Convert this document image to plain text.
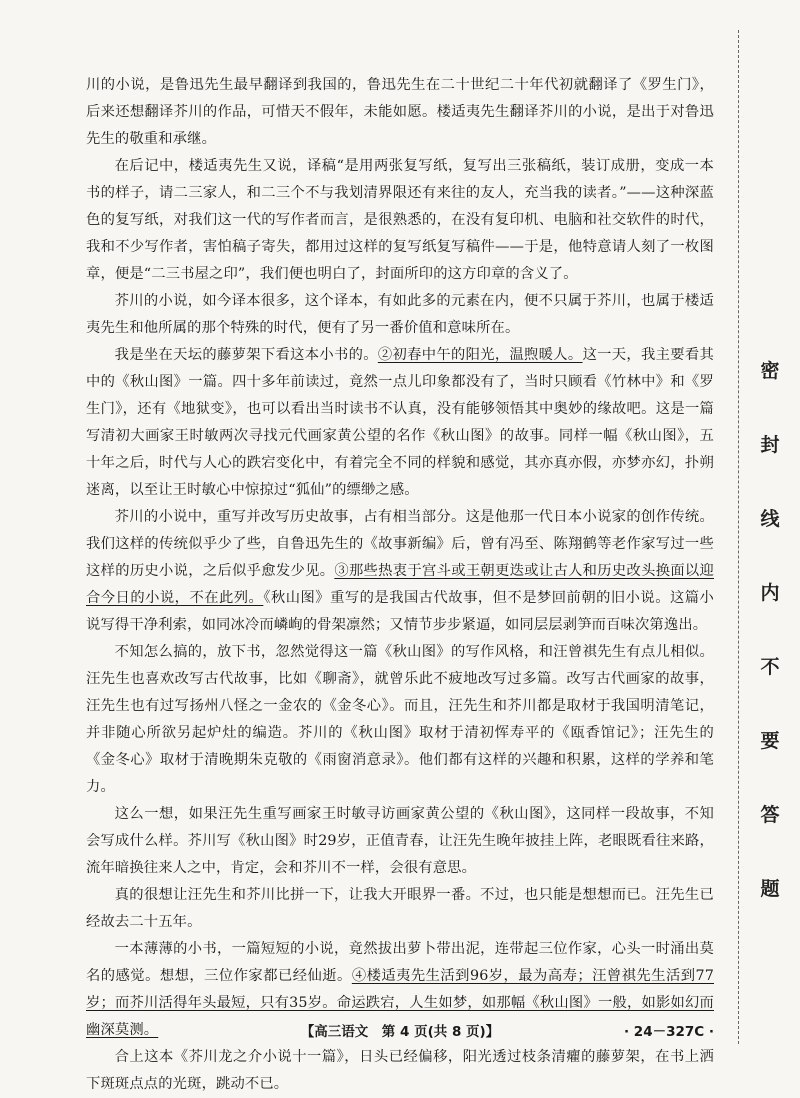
密
封
线
内
不
要
答
题

川的小说，是鲁迅先生最早翻译到我国的，鲁迅先生在二十世纪二十年代初就翻译了《罗生门》，后来还想翻译芥川的作品，可惜天不假年，未能如愿。楼适夷先生翻译芥川的小说，是出于对鲁迅先生的敬重和承继。

在后记中，楼适夷先生又说，译稿“是用两张复写纸，复写出三张稿纸，装订成册，变成一本书的样子，请二三家人，和二三个不与我划清界限还有来往的友人，充当我的读者。”——这种深蓝色的复写纸，对我们这一代的写作者而言，是很熟悉的，在没有复印机、电脑和社交软件的时代，我和不少写作者，害怕稿子寄失，都用过这样的复写纸复写稿件——于是，他特意请人刻了一枚图章，便是“二三书屋之印”，我们便也明白了，封面所印的这方印章的含义了。

芥川的小说，如今译本很多，这个译本，有如此多的元素在内，便不只属于芥川，也属于楼适夷先生和他所属的那个特殊的时代，便有了另一番价值和意味所在。

我是坐在天坛的藤萝架下看这本小书的。②初春中午的阳光，温煦暖人。这一天，我主要看其中的《秋山图》一篇。四十多年前读过，竟然一点儿印象都没有了，当时只顾看《竹林中》和《罗生门》，还有《地狱变》，也可以看出当时读书不认真，没有能够领悟其中奥妙的缘故吧。这是一篇写清初大画家王时敏两次寻找元代画家黄公望的名作《秋山图》的故事。同样一幅《秋山图》，五十年之后，时代与人心的跌宕变化中，有着完全不同的样貌和感觉，其亦真亦假，亦梦亦幻，扑朔迷离，以至让王时敏心中惊掠过“狐仙”的缥缈之感。

芥川的小说中，重写并改写历史故事，占有相当部分。这是他那一代日本小说家的创作传统。我们这样的传统似乎少了些，自鲁迅先生的《故事新编》后，曾有冯至、陈翔鹤等老作家写过一些这样的历史小说，之后似乎愈发少见。③那些热衷于宫斗或王朝更迭或让古人和历史改头换面以迎合今日的小说，不在此列。《秋山图》重写的是我国古代故事，但不是梦回前朝的旧小说。这篇小说写得干净利索，如同冰冷而嶙峋的骨架凛然；又情节步步紧逼，如同层层剥笋而百味次第逸出。

不知怎么搞的，放下书，忽然觉得这一篇《秋山图》的写作风格，和汪曾祺先生有点儿相似。汪先生也喜欢改写古代故事，比如《聊斋》，就曾乐此不疲地改写过多篇。改写古代画家的故事，汪先生也有过写扬州八怪之一金农的《金冬心》。而且，汪先生和芥川都是取材于我国明清笔记，并非随心所欲另起炉灶的编造。芥川的《秋山图》取材于清初恽寿平的《瓯香馆记》；汪先生的《金冬心》取材于清晚期朱克敬的《雨窗消意录》。他们都有这样的兴趣和积累，这样的学养和笔力。

这么一想，如果汪先生重写画家王时敏寻访画家黄公望的《秋山图》，这同样一段故事，不知会写成什么样。芥川写《秋山图》时29岁，正值青春，让汪先生晚年披挂上阵，老眼既看往来路，流年暗换往来人之中，肯定，会和芥川不一样，会很有意思。

真的很想让汪先生和芥川比拼一下，让我大开眼界一番。不过，也只能是想想而已。汪先生已经故去二十五年。

一本薄薄的小书，一篇短短的小说，竟然拔出萝卜带出泥，连带起三位作家，心头一时涌出莫名的感觉。想想，三位作家都已经仙逝。④楼适夷先生活到96岁，最为高寿；汪曾祺先生活到77岁；而芥川活得年头最短，只有35岁。命运跌宕，人生如梦，如那幅《秋山图》一般，如影如幻而幽深莫测。

合上这本《芥川龙之介小说十一篇》，日头已经偏移，阳光透过枝条清癯的藤萝架，在书上洒下斑斑点点的光斑，跳动不已。

【高三语文　第 4 页(共 8 页)】	· 24－327C ·
